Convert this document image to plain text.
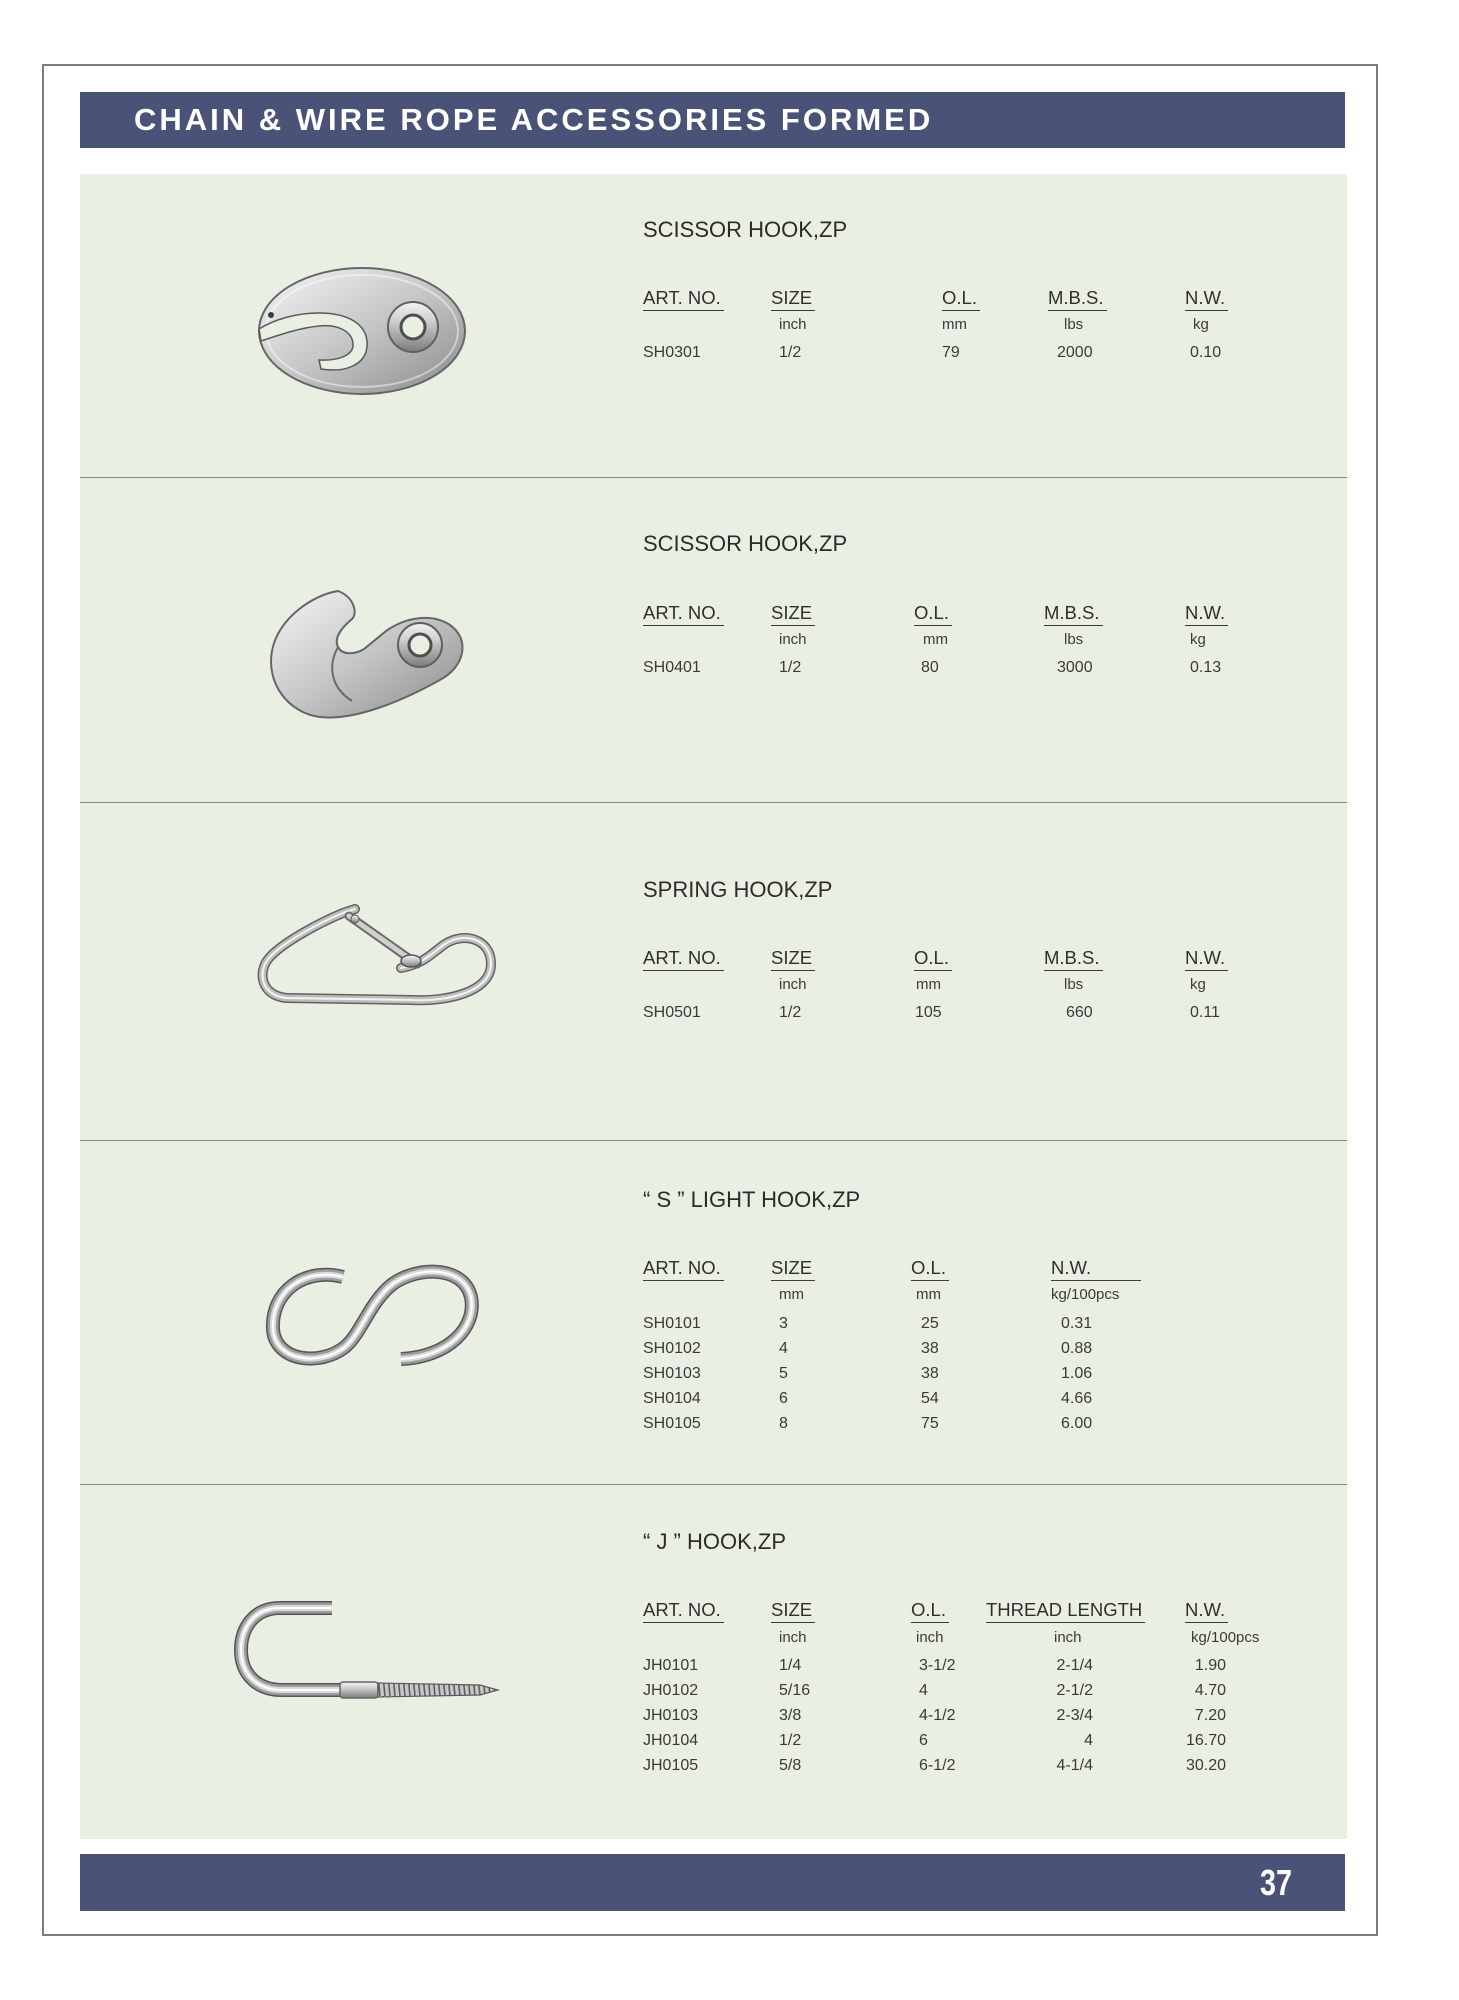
CHAIN & WIRE ROPE ACCESSORIES FORMED
SCISSOR HOOK,ZP
SCISSOR HOOK,ZP
SPRING HOOK,ZP
“ S ” LIGHT HOOK,ZP
“ J ” HOOK,ZP
37
ART. NO.
SH0301
SIZE
inch
1/2
O.L.
mm
79
M.B.S.
lbs
2000
N.W.
kg
0.10
ART. NO.
SH0401
SIZE
inch
1/2
O.L.
mm
80
M.B.S.
lbs
3000
N.W.
kg
0.13
ART. NO.
SH0501
SIZE
inch
1/2
O.L.
mm
105
M.B.S.
lbs
660
N.W.
kg
0.11
ART. NO.
SH0101
SH0102
SH0103
SH0104
SH0105
SIZE
mm
3
4
5
6
8
O.L.
mm
25
38
38
54
75
N.W.
kg/100pcs
0.31
0.88
1.06
4.66
6.00
ART. NO.
JH0101
JH0102
JH0103
JH0104
JH0105
SIZE
inch
1/4
5/16
3/8
1/2
5/8
O.L.
inch
3-1/2
4
4-1/2
6
6-1/2
THREAD LENGTH
inch
2-1/4
2-1/2
2-3/4
4
4-1/4
N.W.
kg/100pcs
1.90
4.70
7.20
16.70
30.20
